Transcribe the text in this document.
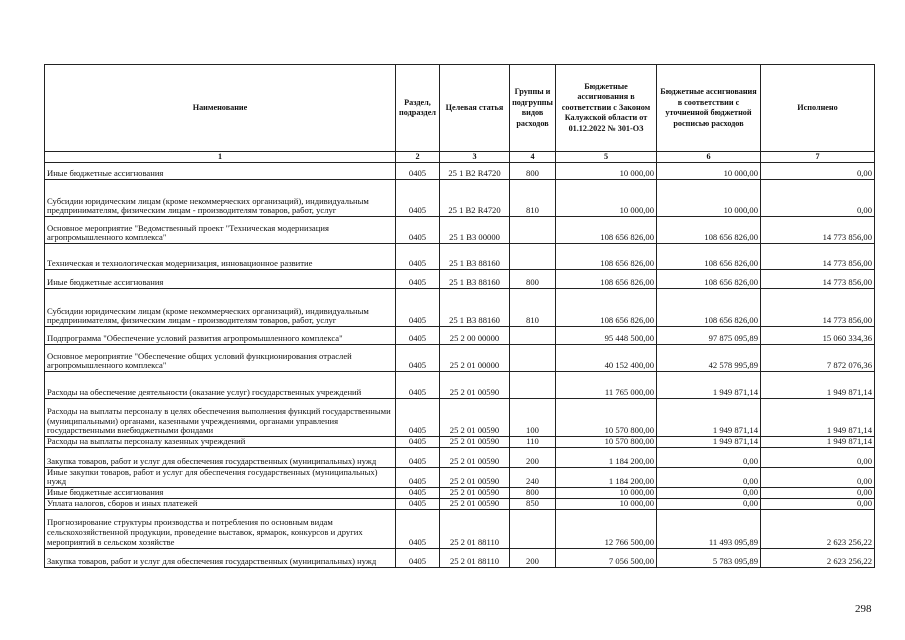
Наименование	Раздел, подраздел	Целевая статья	Группы и подгруппы видов расходов	Бюджетные ассигнования в соответствии с Законом Калужской области от 01.12.2022 № 301-ОЗ	Бюджетные ассигнования в соответствии с уточненной бюджетной росписью расходов	Исполнено
1	2	3	4	5	6	7
Иные бюджетные ассигнования	0405	25 1 B2 R4720	800	10 000,00	10 000,00	0,00
Субсидии юридическим лицам (кроме некоммерческих организаций), индивидуальным предпринимателям, физическим лицам - производителям товаров, работ, услуг	0405	25 1 B2 R4720	810	10 000,00	10 000,00	0,00
Основное мероприятие "Ведомственный проект "Техническая модернизация агропромышленного комплекса"	0405	25 1 B3 00000		108 656 826,00	108 656 826,00	14 773 856,00
Техническая и технологическая модернизация, инновационное развитие	0405	25 1 B3 88160		108 656 826,00	108 656 826,00	14 773 856,00
Иные бюджетные ассигнования	0405	25 1 B3 88160	800	108 656 826,00	108 656 826,00	14 773 856,00
Субсидии юридическим лицам (кроме некоммерческих организаций), индивидуальным предпринимателям, физическим лицам - производителям товаров, работ, услуг	0405	25 1 B3 88160	810	108 656 826,00	108 656 826,00	14 773 856,00
Подпрограмма "Обеспечение условий развития агропромышленного комплекса"	0405	25 2 00 00000		95 448 500,00	97 875 095,89	15 060 334,36
Основное мероприятие "Обеспечение общих условий функционирования отраслей агропромышленного комплекса"	0405	25 2 01 00000		40 152 400,00	42 578 995,89	7 872 076,36
Расходы на обеспечение деятельности (оказание услуг) государственных учреждений	0405	25 2 01 00590		11 765 000,00	1 949 871,14	1 949 871,14
Расходы на выплаты персоналу в целях обеспечения выполнения функций государственными (муниципальными) органами, казенными учреждениями, органами управления государственными внебюджетными фондами	0405	25 2 01 00590	100	10 570 800,00	1 949 871,14	1 949 871,14
Расходы на выплаты персоналу казенных учреждений	0405	25 2 01 00590	110	10 570 800,00	1 949 871,14	1 949 871,14
Закупка товаров, работ и услуг для обеспечения государственных (муниципальных) нужд	0405	25 2 01 00590	200	1 184 200,00	0,00	0,00
Иные закупки товаров, работ и услуг для обеспечения государственных (муниципальных) нужд	0405	25 2 01 00590	240	1 184 200,00	0,00	0,00
Иные бюджетные ассигнования	0405	25 2 01 00590	800	10 000,00	0,00	0,00
Уплата налогов, сборов и иных платежей	0405	25 2 01 00590	850	10 000,00	0,00	0,00
Прогнозирование структуры производства и потребления по основным видам сельскохозяйственной продукции, проведение выставок, ярмарок, конкурсов и других мероприятий в сельском хозяйстве	0405	25 2 01 88110		12 766 500,00	11 493 095,89	2 623 256,22
Закупка товаров, работ и услуг для обеспечения государственных (муниципальных) нужд	0405	25 2 01 88110	200	7 056 500,00	5 783 095,89	2 623 256,22
298
